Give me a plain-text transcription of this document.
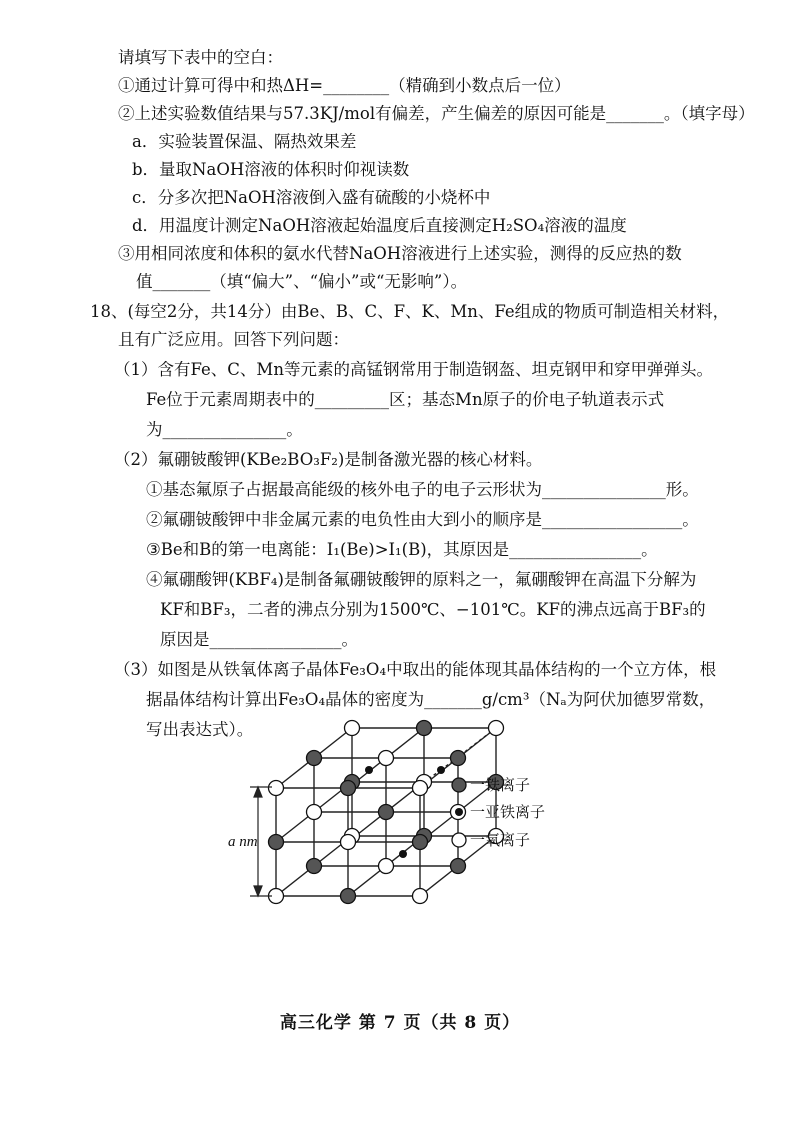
请填写下表中的空白：
①通过计算可得中和热ΔH=________（精确到小数点后一位）
②上述实验数值结果与57.3KJ/mol有偏差，产生偏差的原因可能是_______。（填字母）
a．实验装置保温、隔热效果差
b．量取NaOH溶液的体积时仰视读数
c．分多次把NaOH溶液倒入盛有硫酸的小烧杯中
d．用温度计测定NaOH溶液起始温度后直接测定H₂SO₄溶液的温度
③用相同浓度和体积的氨水代替NaOH溶液进行上述实验，测得的反应热的数
值_______（填“偏大”、“偏小”或“无影响”）。
18、(每空2分，共14分）由Be、B、C、F、K、Mn、Fe组成的物质可制造相关材料，
且有广泛应用。回答下列问题：
（1）含有Fe、C、Mn等元素的高锰钢常用于制造钢盔、坦克钢甲和穿甲弹弹头。
Fe位于元素周期表中的_________区；基态Mn原子的价电子轨道表示式
为_______________。
（2）氟硼铍酸钾(KBe₂BO₃F₂)是制备激光器的核心材料。
①基态氟原子占据最高能级的核外电子的电子云形状为_______________形。
②氟硼铍酸钾中非金属元素的电负性由大到小的顺序是_________________。
③Be和B的第一电离能：I₁(Be)>I₁(B)，其原因是________________。
④氟硼酸钾(KBF₄)是制备氟硼铍酸钾的原料之一，氟硼酸钾在高温下分解为
KF和BF₃，二者的沸点分别为1500℃、−101℃。KF的沸点远高于BF₃的
原因是________________。
（3）如图是从铁氧体离子晶体Fe₃O₄中取出的能体现其晶体结构的一个立方体，根
据晶体结构计算出Fe₃O₄晶体的密度为_______g/cm³（Nₐ为阿伏加德罗常数，
写出表达式）。
a nm
一铁离子
一亚铁离子
一氧离子
高三化学 第 7 页（共 8 页）
